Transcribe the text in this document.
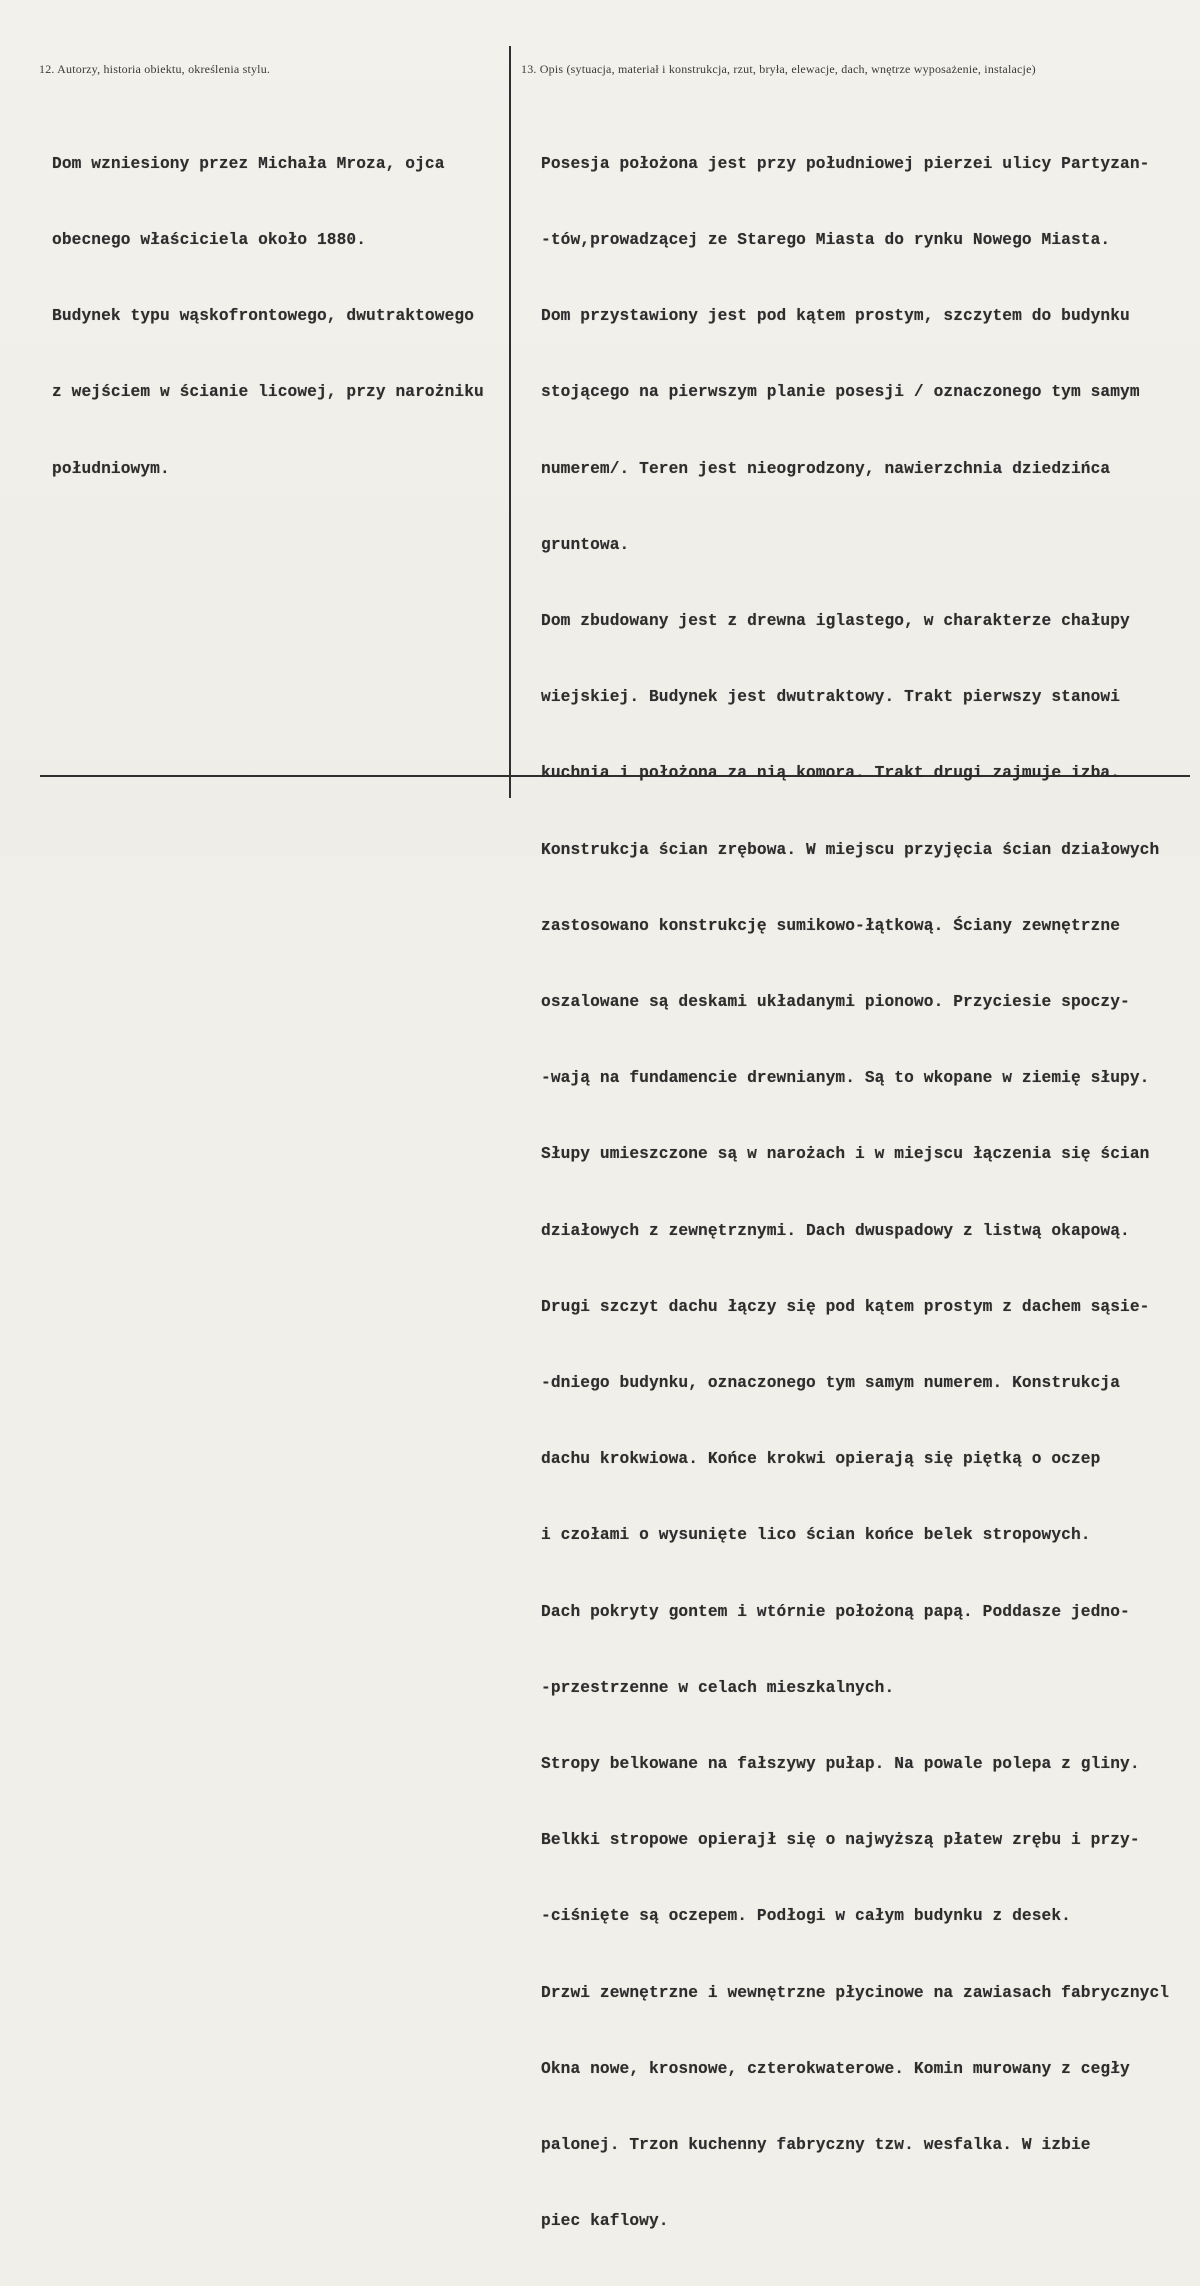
12. Autorzy, historia obiektu, określenia stylu.	13. Opis (sytuacja, materiał i konstrukcja, rzut, bryła, elewacje, dach, wnętrze wyposażenie, instalacje)

Dom wzniesiony przez Michała Mroza, ojca

obecnego właściciela około 1880.

Budynek typu wąskofrontowego, dwutraktowego

z wejściem w ścianie licowej, przy narożniku

południowym.

Posesja położona jest przy południowej pierzei ulicy Partyzan-

-tów,prowadzącej ze Starego Miasta do rynku Nowego Miasta.

Dom przystawiony jest pod kątem prostym, szczytem do budynku

stojącego na pierwszym planie posesji / oznaczonego tym samym

numerem/. Teren jest nieogrodzony, nawierzchnia dziedzińca

gruntowa.

Dom zbudowany jest z drewna iglastego, w charakterze chałupy

wiejskiej. Budynek jest dwutraktowy. Trakt pierwszy stanowi

kuchnia i położona za nią komora. Trakt drugi zajmuje izba.

Konstrukcja ścian zrębowa. W miejscu przyjęcia ścian działowych

zastosowano konstrukcję sumikowo-łątkową. Ściany zewnętrzne

oszalowane są deskami układanymi pionowo. Przyciesie spoczy-

-wają na fundamencie drewnianym. Są to wkopane w ziemię słupy.

Słupy umieszczone są w narożach i w miejscu łączenia się ścian

działowych z zewnętrznymi. Dach dwuspadowy z listwą okapową.

Drugi szczyt dachu łączy się pod kątem prostym z dachem sąsie-

-dniego budynku, oznaczonego tym samym numerem. Konstrukcja

dachu krokwiowa. Końce krokwi opierają się piętką o oczep

i czołami o wysunięte lico ścian końce belek stropowych.

Dach pokryty gontem i wtórnie położoną papą. Poddasze jedno-

-przestrzenne w celach mieszkalnych.

Stropy belkowane na fałszywy pułap. Na powale polepa z gliny.

Belkki stropowe opierajł się o najwyższą płatew zrębu i przy-

-ciśnięte są oczepem. Podłogi w całym budynku z desek.

Drzwi zewnętrzne i wewnętrzne płycinowe na zawiasach fabrycznycl

Okna nowe, krosnowe, czterokwaterowe. Komin murowany z cegły

palonej. Trzon kuchenny fabryczny tzw. wesfalka. W izbie

piec kaflowy.
